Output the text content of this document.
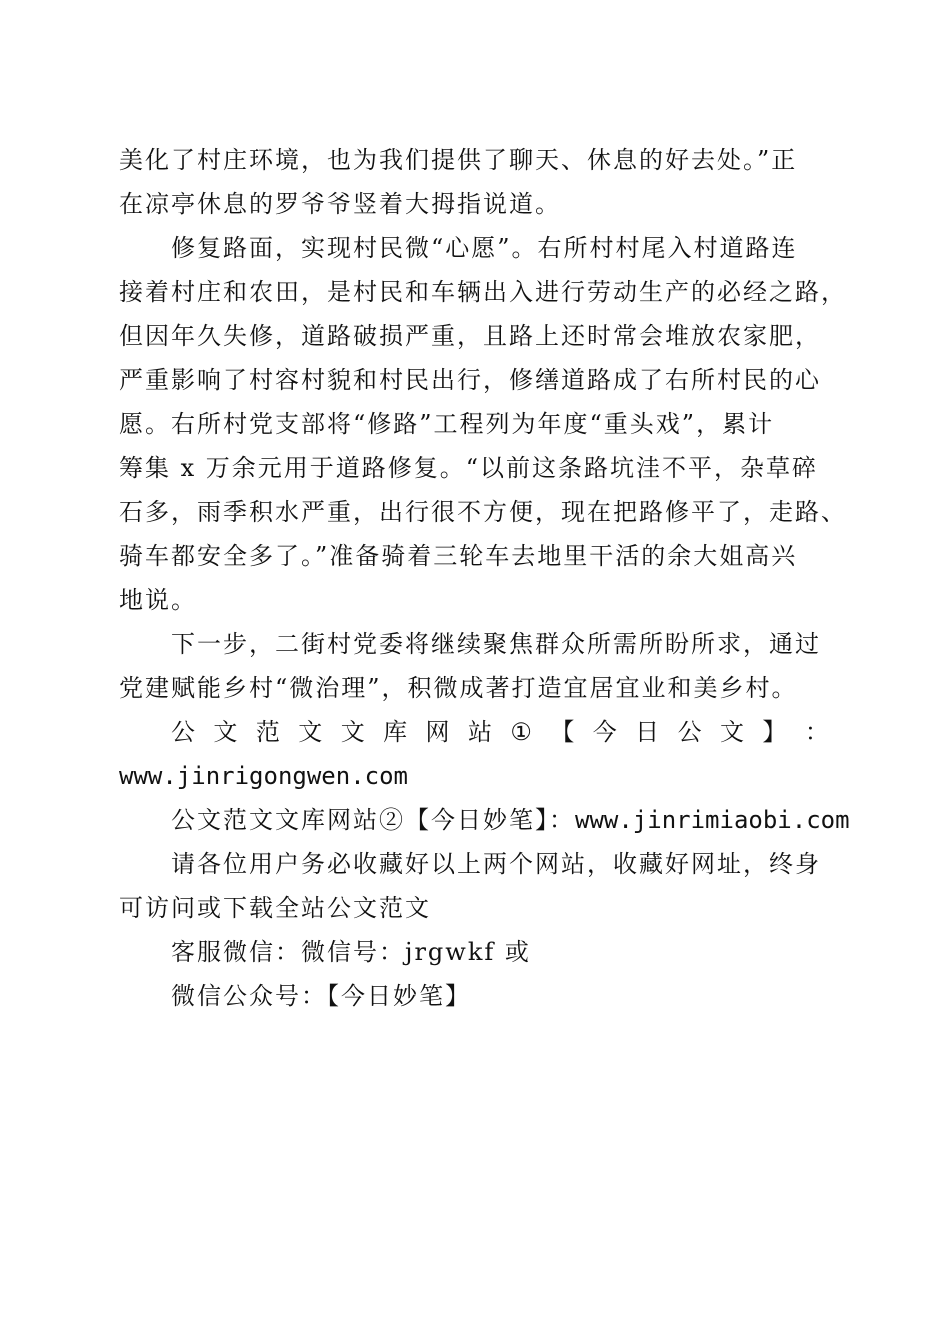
美化了村庄环境，也为我们提供了聊天、休息的好去处。”正
在凉亭休息的罗爷爷竖着大拇指说道。
修复路面，实现村民微“心愿”。右所村村尾入村道路连
接着村庄和农田，是村民和车辆出入进行劳动生产的必经之路，
但因年久失修，道路破损严重，且路上还时常会堆放农家肥，
严重影响了村容村貌和村民出行，修缮道路成了右所村民的心
愿。右所村党支部将“修路”工程列为年度“重头戏”，累计
筹集 x 万余元用于道路修复。“以前这条路坑洼不平，杂草碎
石多，雨季积水严重，出行很不方便，现在把路修平了，走路、
骑车都安全多了。”准备骑着三轮车去地里干活的余大姐高兴
地说。
下一步，二街村党委将继续聚焦群众所需所盼所求，通过
党建赋能乡村“微治理”，积微成著打造宜居宜业和美乡村。
公 文 范 文 文 库 网 站 ① 【 今 日 公 文 】 ：
www.jinrigongwen.com
公文范文文库网站②【今日妙笔】：www.jinrimiaobi.com
请各位用户务必收藏好以上两个网站，收藏好网址，终身
可访问或下载全站公文范文
客服微信：微信号：jrgwkf 或
微信公众号：【今日妙笔】
